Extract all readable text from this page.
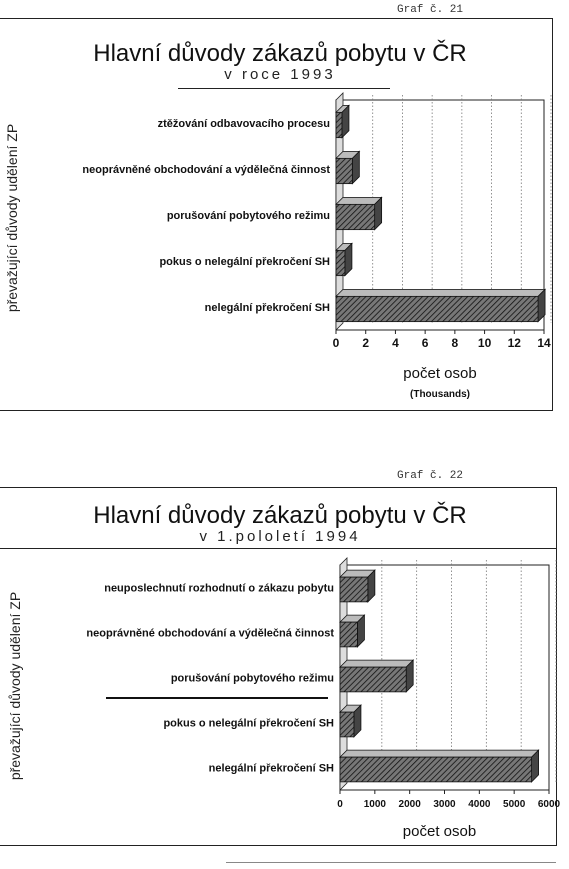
Graf č. 21
Hlavní důvody zákazů pobytu v ČR
v roce 1993
převažující důvody udělení ZP
0 2 4 6 8 10 12 14
ztěžování odbavovacího procesu
neoprávněné obchodování a výdělečná činnost
porušování pobytového režimu
pokus o nelegální překročení SH
nelegální překročení SH
počet osob
(Thousands)
Graf č. 22
Hlavní důvody zákazů pobytu v ČR
v 1.pololetí 1994
převažující důvody udělení ZP
0 1000 2000 3000 4000 5000 6000
neuposlechnutí rozhodnutí o zákazu pobytu
neoprávněné obchodování a výdělečná činnost
porušování pobytového režimu
pokus o nelegální překročení SH
nelegální překročení SH
počet osob
